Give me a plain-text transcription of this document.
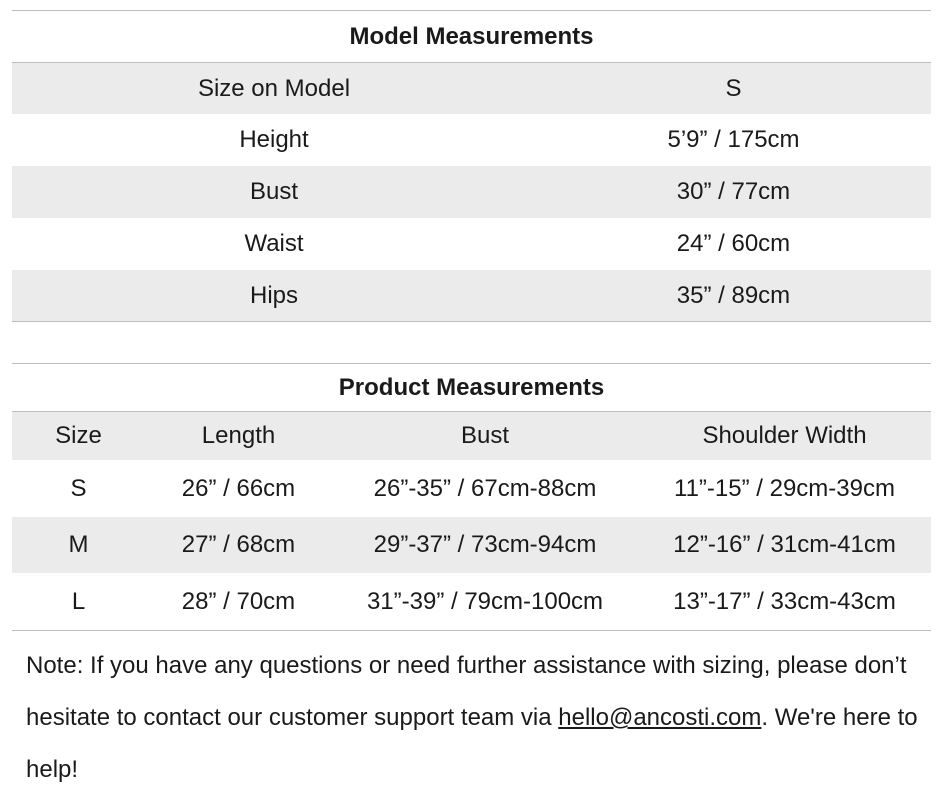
Model Measurements
Size on Model	S
Height	5’9” / 175cm
Bust	30” / 77cm
Waist	24” / 60cm
Hips	35” / 89cm
Product Measurements
Size	Length	Bust	Shoulder Width
S	26” / 66cm	26”-35” / 67cm-88cm	11”-15” / 29cm-39cm
M	27” / 68cm	29”-37” / 73cm-94cm	12”-16” / 31cm-41cm
L	28” / 70cm	31”-39” / 79cm-100cm	13”-17” / 33cm-43cm
Note: If you have any questions or need further assistance with sizing, please don’t hesitate to contact our customer support team via hello@ancosti.com. We're here to help!
